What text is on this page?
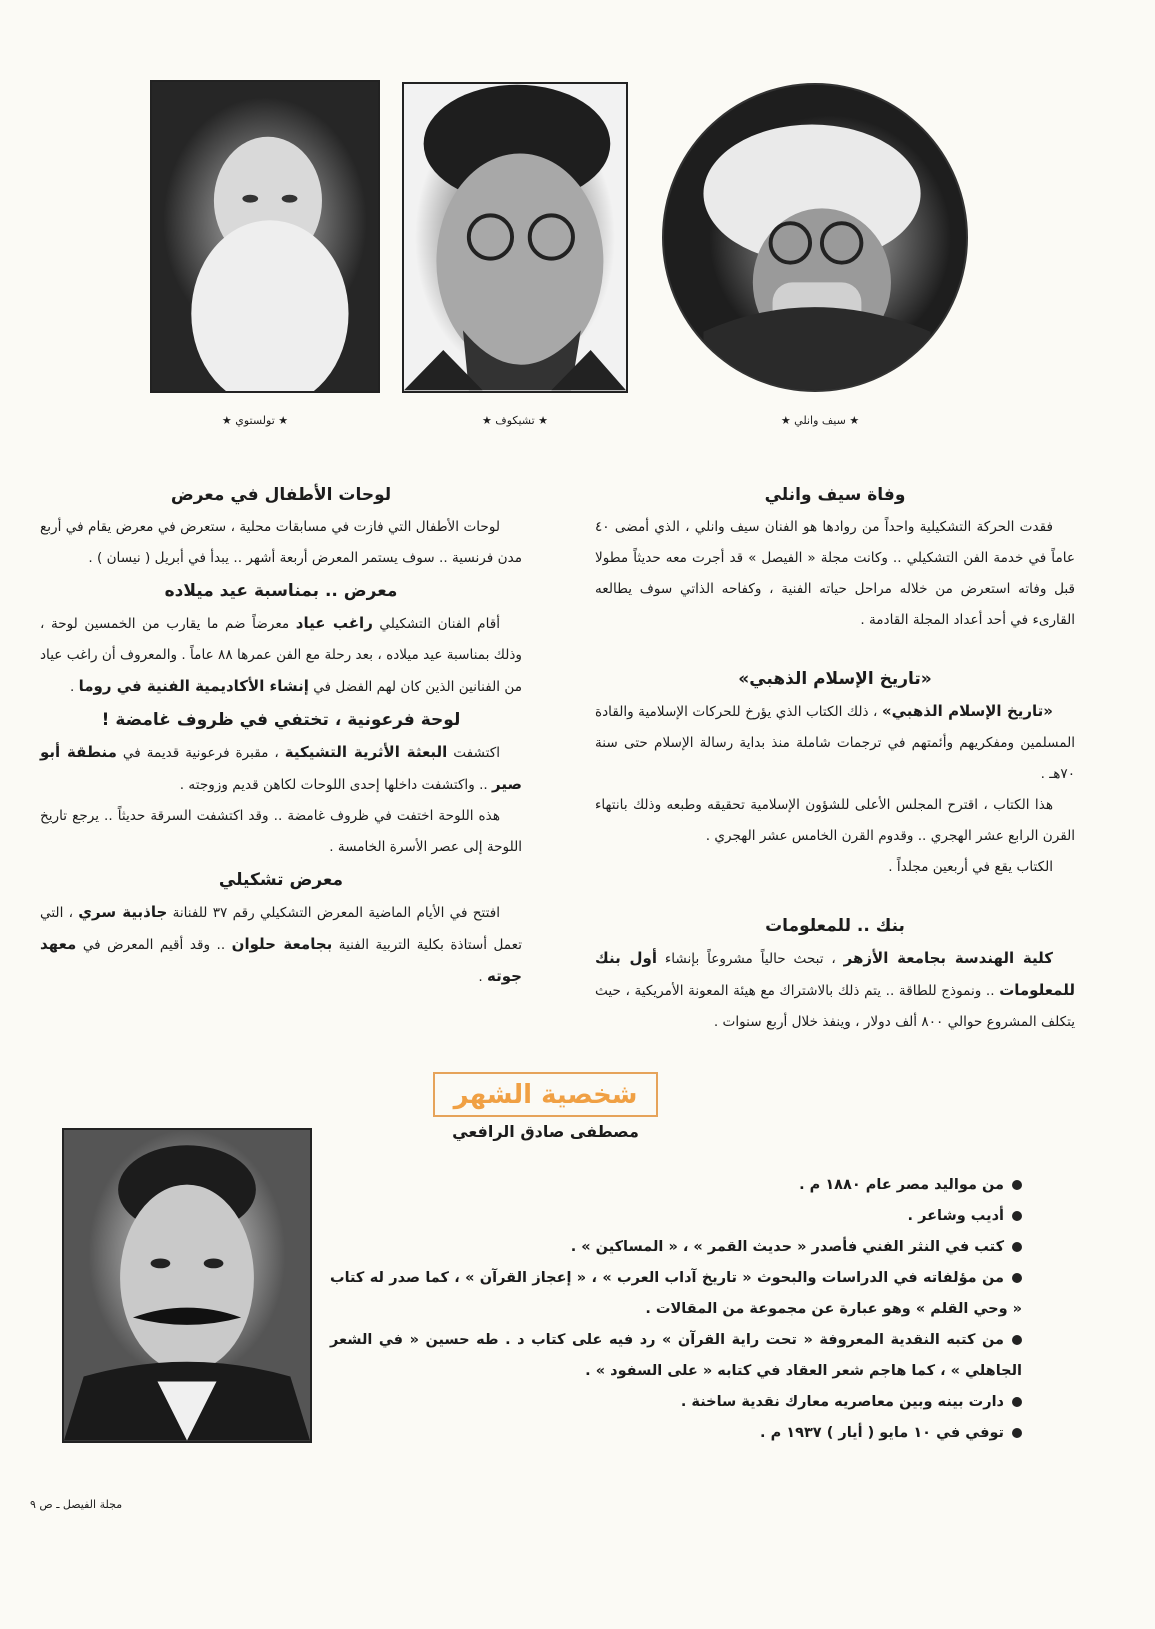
★ تولستوي ★	★ تشيكوف ★	★ سيف وانلي ★
وفاة سيف وانلي

فقدت الحركة التشكيلية واحداً من روادها هو الفنان سيف وانلي ، الذي أمضى ٤٠ عاماً في خدمة الفن التشكيلي .. وكانت مجلة « الفيصل » قد أجرت معه حديثاً مطولا قبل وفاته استعرض من خلاله مراحل حياته الفنية ، وكفاحه الذاتي سوف يطالعه القارىء في أحد أعداد المجلة القادمة .

«تاريخ الإسلام الذهبي»

«تاريخ الإسلام الذهبي» ، ذلك الكتاب الذي يؤرخ للحركات الإسلامية والقادة المسلمين ومفكريهم وأئمتهم في ترجمات شاملة منذ بداية رسالة الإسلام حتى سنة ٧٠هـ .

هذا الكتاب ، اقترح المجلس الأعلى للشؤون الإسلامية تحقيقه وطبعه وذلك بانتهاء القرن الرابع عشر الهجري .. وقدوم القرن الخامس عشر الهجري .

الكتاب يقع في أربعين مجلداً .

بنك .. للمعلومات

كلية الهندسة بجامعة الأزهر ، تبحث حالياً مشروعاً بإنشاء أول بنك للمعلومات .. ونموذج للطاقة .. يتم ذلك بالاشتراك مع هيئة المعونة الأمريكية ، حيث يتكلف المشروع حوالي ٨٠٠ ألف دولار ، وينفذ خلال أربع سنوات .

لوحات الأطفال في معرض

لوحات الأطفال التي فازت في مسابقات محلية ، ستعرض في معرض يقام في أربع مدن فرنسية .. سوف يستمر المعرض أربعة أشهر .. يبدأ في أبريل ( نيسان ) .

معرض .. بمناسبة عيد ميلاده

أقام الفنان التشكيلي راغب عياد معرضاً ضم ما يقارب من الخمسين لوحة ، وذلك بمناسبة عيد ميلاده ، بعد رحلة مع الفن عمرها ٨٨ عاماً . والمعروف أن راغب عياد من الفنانين الذين كان لهم الفضل في إنشاء الأكاديمية الفنية في روما .

لوحة فرعونية ، تختفي في ظروف غامضة !

اكتشفت البعثة الأثرية التشيكية ، مقبرة فرعونية قديمة في منطقة أبو صير .. واكتشفت داخلها إحدى اللوحات لكاهن قديم وزوجته .

هذه اللوحة اختفت في ظروف غامضة .. وقد اكتشفت السرقة حديثاً .. يرجع تاريخ اللوحة إلى عصر الأسرة الخامسة .

معرض تشكيلي

افتتح في الأيام الماضية المعرض التشكيلي رقم ٣٧ للفنانة جاذبية سري ، التي تعمل أستاذة بكلية التربية الفنية بجامعة حلوان .. وقد أقيم المعرض في معهد جوته .

شخصية الشهر
مصطفى صادق الرافعي
من مواليد مصر عام ١٨٨٠ م .
أديب وشاعر .
كتب في النثر الفني فأصدر « حديث القمر » ، « المساكين » .
من مؤلفاته في الدراسات والبحوث « تاريخ آداب العرب » ، « إعجاز القرآن » ، كما صدر له كتاب « وحي القلم » وهو عبارة عن مجموعة من المقالات .
من كتبه النقدية المعروفة « تحت راية القرآن » رد فيه على كتاب د . طه حسين « في الشعر الجاهلي » ، كما هاجم شعر العقاد في كتابه « على السفود » .
دارت بينه وبين معاصريه معارك نقدية ساخنة .
توفي في ١٠ مايو ( أيار ) ١٩٣٧ م .
مجلة الفيصل ـ ص ٩
